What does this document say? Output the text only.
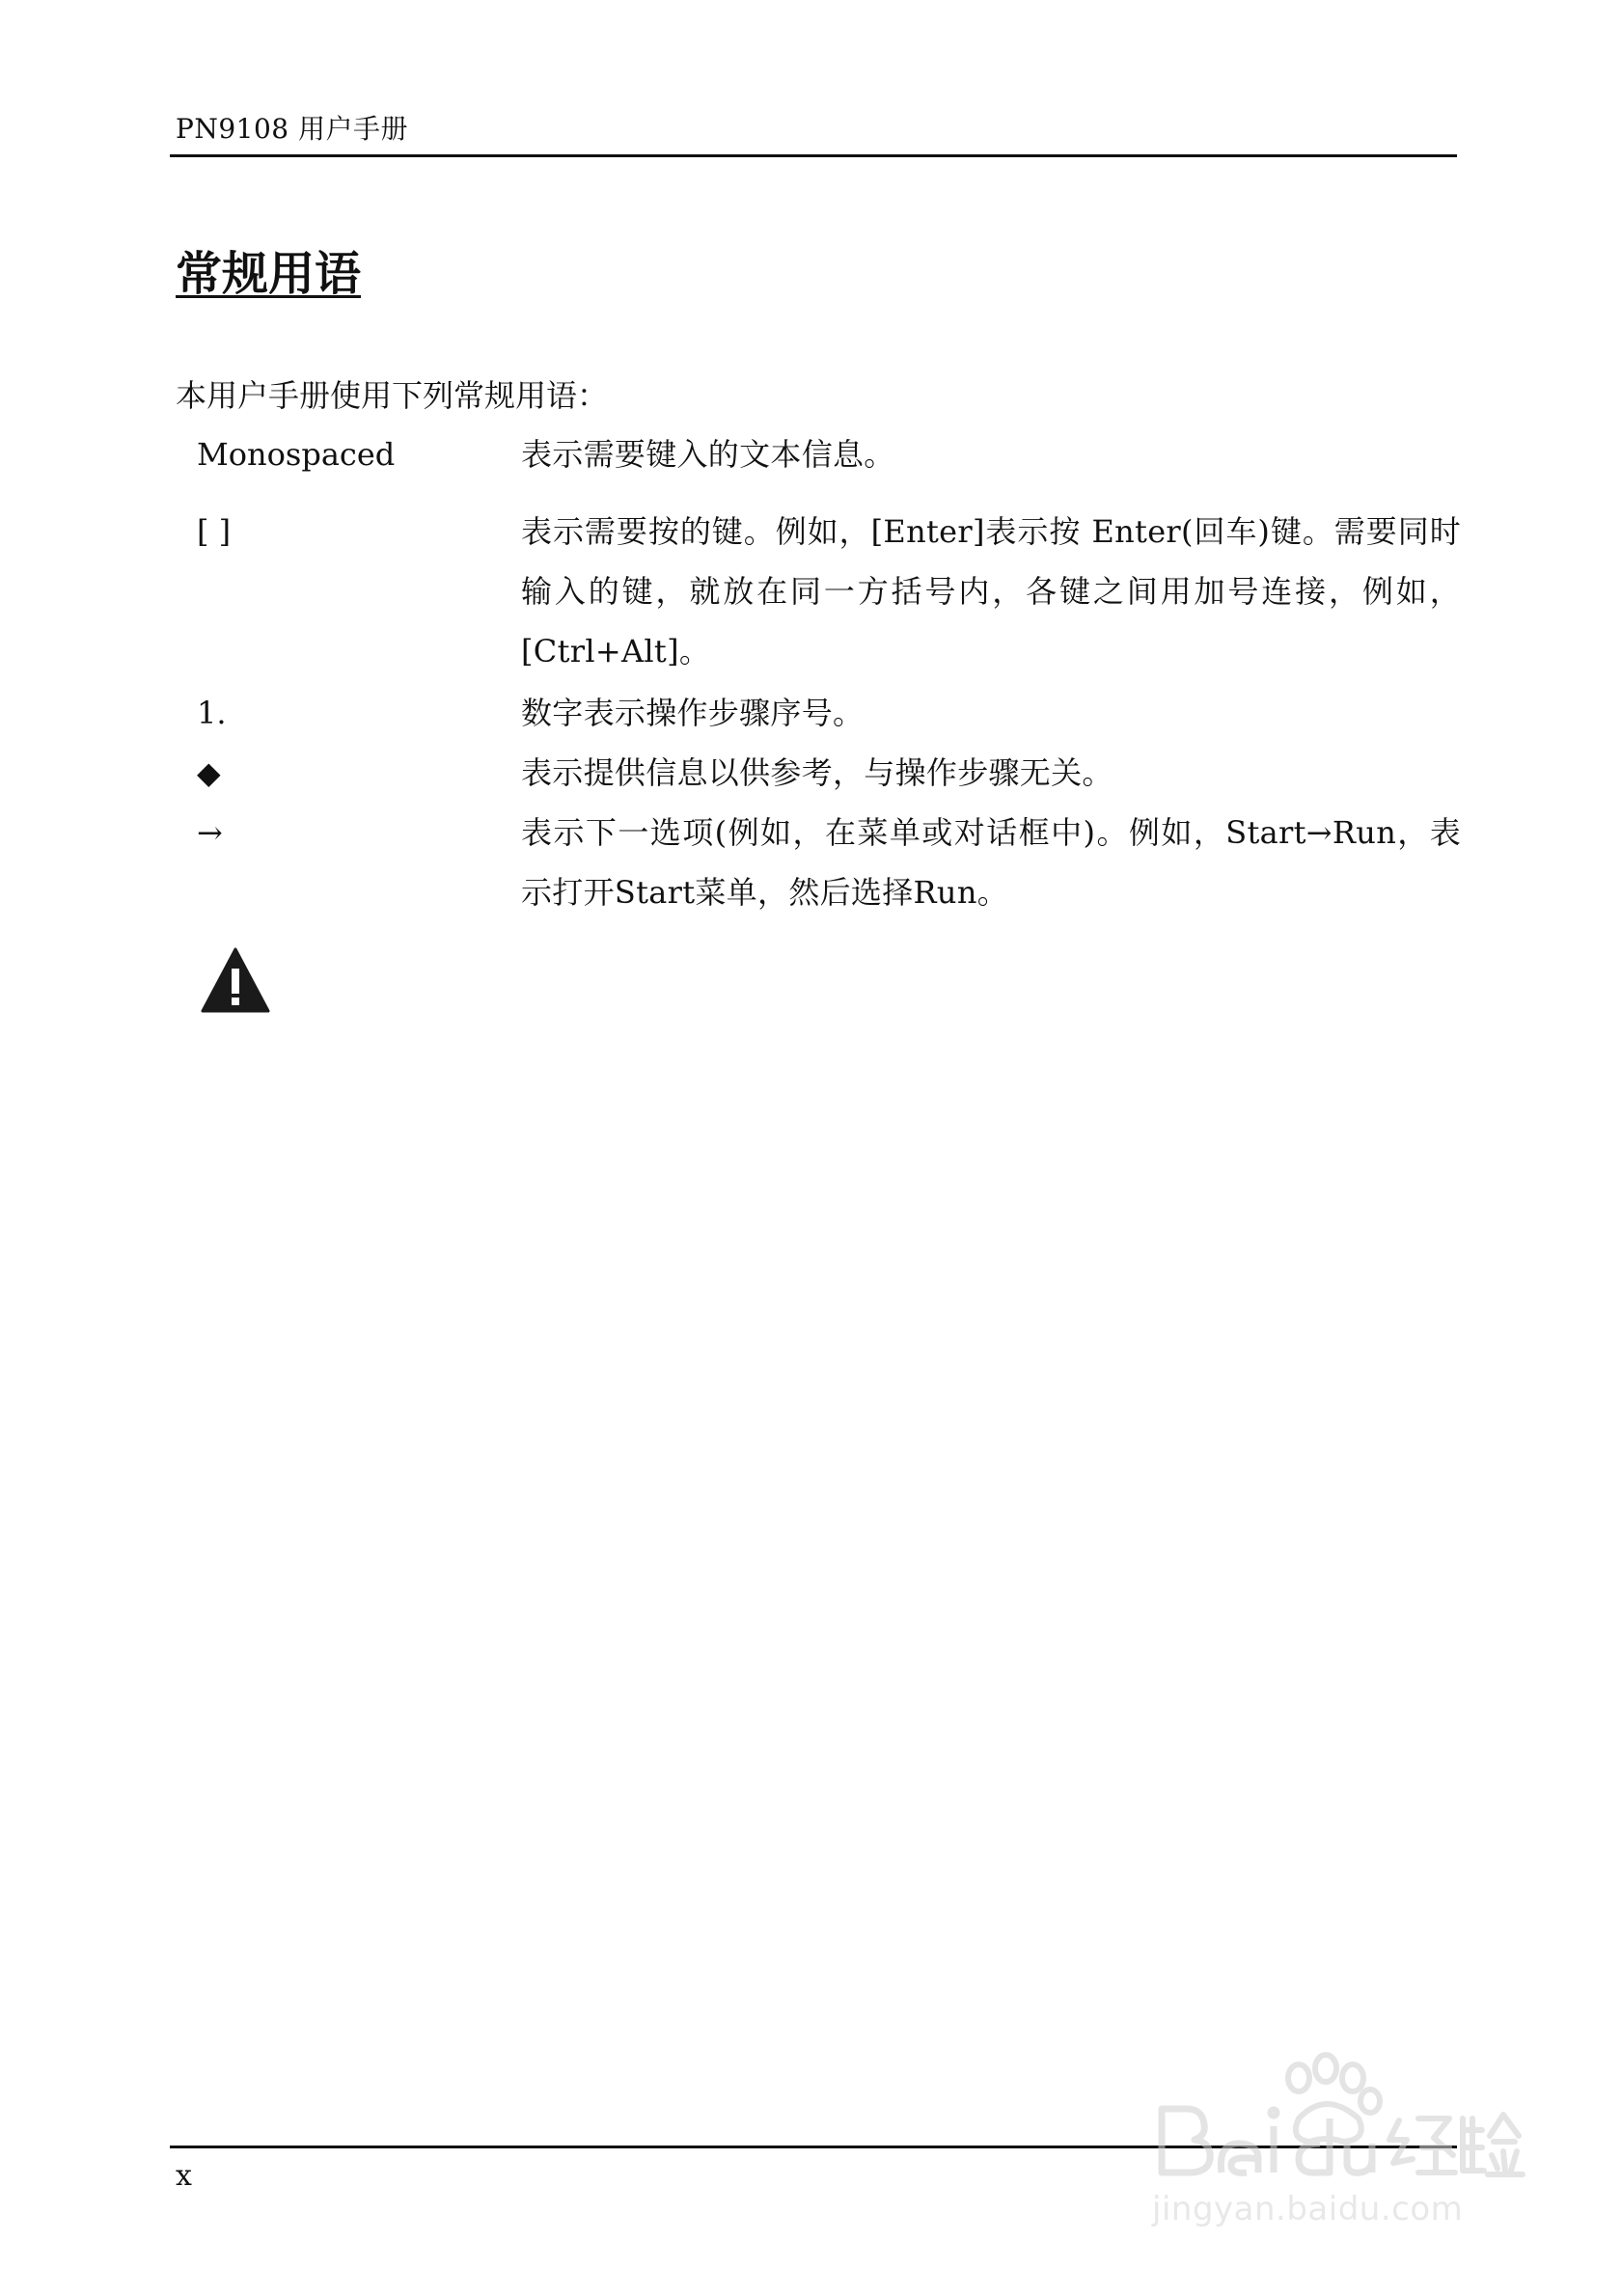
PN9108 用户手册
常规用语
本用户手册使用下列常规用语：
Monospaced	表示需要键入的文本信息。
[ ]	表示需要按的键。例如，[Enter]表示按 Enter(回车)键。需要同时输入的键，就放在同一方括号内，各键之间用加号连接，例如，[Ctrl+Alt]。
1.	数字表示操作步骤序号。
◆	表示提供信息以供参考，与操作步骤无关。
→	表示下一选项(例如，在菜单或对话框中)。例如，Start→Run，表示打开Start菜单，然后选择Run。
x
jingyan.baidu.com
